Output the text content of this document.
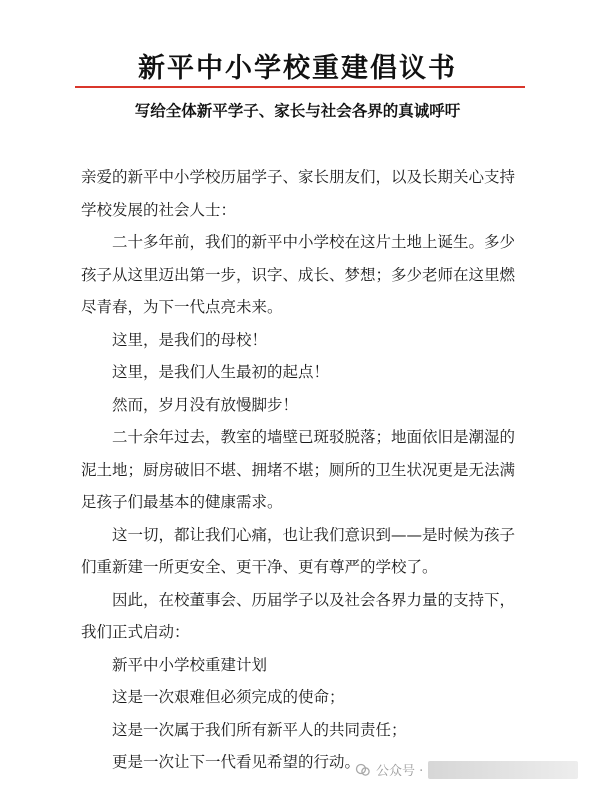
新平中小学校重建倡议书
写给全体新平学子、家长与社会各界的真诚呼吁

亲爱的新平中小学校历届学子、家长朋友们，以及长期关心支持学校发展的社会人士：

二十多年前，我们的新平中小学校在这片土地上诞生。多少孩子从这里迈出第一步，识字、成长、梦想；多少老师在这里燃尽青春，为下一代点亮未来。

这里，是我们的母校！

这里，是我们人生最初的起点！

然而，岁月没有放慢脚步！

二十余年过去，教室的墙壁已斑驳脱落；地面依旧是潮湿的泥土地；厨房破旧不堪、拥堵不堪；厕所的卫生状况更是无法满足孩子们最基本的健康需求。

这一切，都让我们心痛，也让我们意识到——是时候为孩子们重新建一所更安全、更干净、更有尊严的学校了。

因此，在校董事会、历届学子以及社会各界力量的支持下，我们正式启动：

新平中小学校重建计划

这是一次艰难但必须完成的使命；

这是一次属于我们所有新平人的共同责任；

更是一次让下一代看见希望的行动。

公众号 ·
